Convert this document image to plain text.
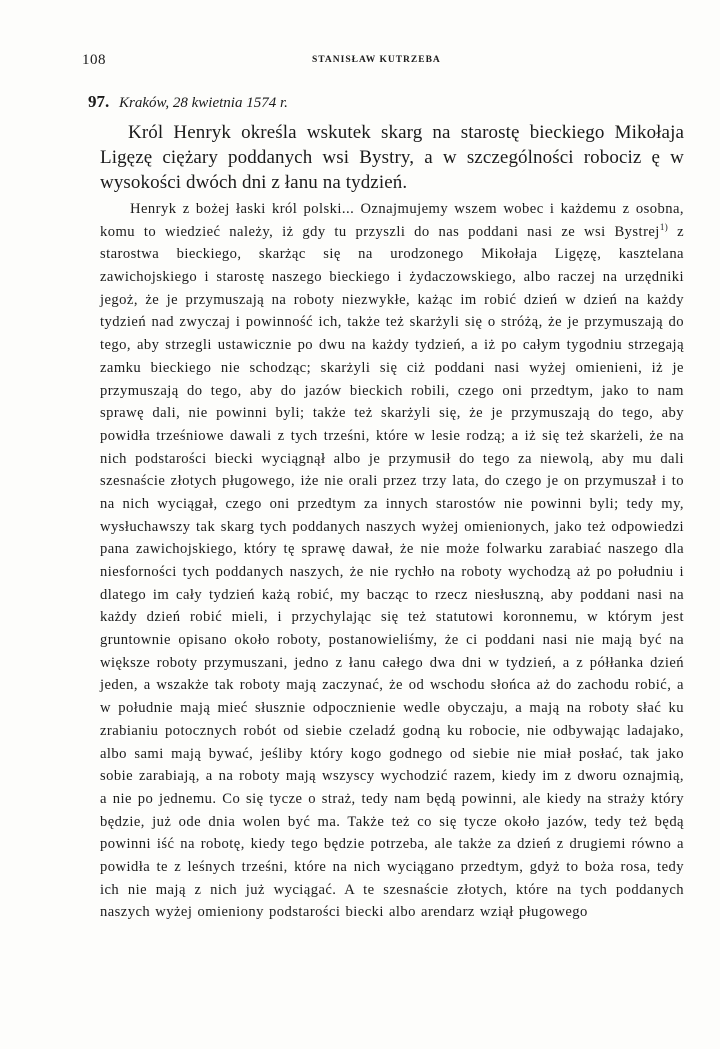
108	STANISŁAW KUTRZEBA
97. Kraków, 28 kwietnia 1574 r.

Król Henryk określa wskutek skarg na starostę bieckiego Mikołaja Ligęzę ciężary poddanych wsi Bystry, a w szczególności robociz ę w wysokości dwóch dni z łanu na tydzień.

Henryk z bożej łaski król polski... Oznajmujemy wszem wobec i każdemu z osobna, komu to wiedzieć należy, iż gdy tu przyszli do nas poddani nasi ze wsi Bystrej$^{1)}$ z starostwa bieckiego, skarżąc się na urodzonego Mikołaja Ligęzę, kasztelana zawichojskiego i starostę naszego bieckiego i żydaczowskiego, albo raczej na urzędniki jegoż, że je przymuszają na roboty niezwykłe, każąc im robić dzień w dzień na każdy tydzień nad zwyczaj i powinność ich, także też skarżyli się o stróżą, że je przymuszają do tego, aby strzegli ustawicznie po dwu na każdy tydzień, a iż po całym tygodniu strzegają zamku bieckiego nie schodząc; skarżyli się ciż poddani nasi wyżej omienieni, iż je przymuszają do tego, aby do jazów bieckich robili, czego oni przedtym, jako to nam sprawę dali, nie powinni byli; także też skarżyli się, że je przymuszają do tego, aby powidła trześniowe dawali z tych trześni, które w lesie rodzą; a iż się też skarżeli, że na nich podstarości biecki wyciągnął albo je przymusił do tego za niewolą, aby mu dali szesnaście złotych pługowego, iże nie orali przez trzy lata, do czego je on przymuszał i to na nich wyciągał, czego oni przedtym za innych starostów nie powinni byli; tedy my, wysłuchawszy tak skarg tych poddanych naszych wyżej omienionych, jako też odpowiedzi pana zawichojskiego, który tę sprawę dawał, że nie może folwarku zarabiać naszego dla niesforności tych poddanych naszych, że nie rychło na roboty wychodzą aż po południu i dlatego im cały tydzień każą robić, my bacząc to rzecz niesłuszną, aby poddani nasi na każdy dzień robić mieli, i przychylając się też statutowi koronnemu, w którym jest gruntownie opisano około roboty, postanowieliśmy, że ci poddani nasi nie mają być na większe roboty przymuszani, jedno z łanu całego dwa dni w tydzień, a z półłanka dzień jeden, a wszakże tak roboty mają zaczynać, że od wschodu słońca aż do zachodu robić, a w południe mają mieć słusznie odpocznienie wedle obyczaju, a mają na roboty słać ku zrabianiu potocznych robót od siebie czeladź godną ku robocie, nie odbywając ladajako, albo sami mają bywać, jeśliby który kogo godnego od siebie nie miał posłać, tak jako sobie zarabiają, a na roboty mają wszyscy wychodzić razem, kiedy im z dworu oznajmią, a nie po jednemu. Co się tycze o straż, tedy nam będą powinni, ale kiedy na straży który będzie, już ode dnia wolen być ma. Także też co się tycze około jazów, tedy też będą powinni iść na robotę, kiedy tego będzie potrzeba, ale także za dzień z drugiemi równo a powidła te z leśnych trześni, które na nich wyciągano przedtym, gdyż to boża rosa, tedy ich nie mają z nich już wyciągać. A te szesnaście złotych, które na tych poddanych naszych wyżej omieniony podstarości biecki albo arendarz wziął pługowego
